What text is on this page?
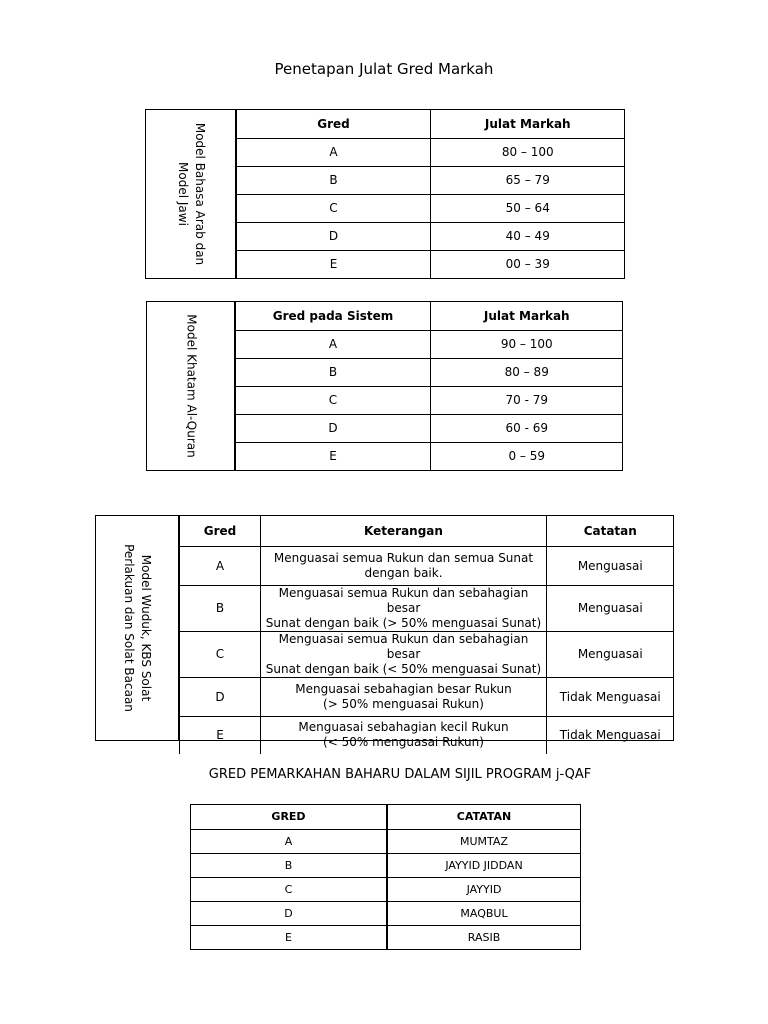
Penetapan Julat Gred Markah
Model Bahasa Arab dan
Model Jawi
Gred	Julat Markah
A	80 – 100
B	65 – 79
C	50 – 64
D	40 – 49
E	00 – 39
Model Khatam Al-Quran	Gred pada Sistem	Julat Markah
A	90 – 100
B	80 – 89
C	70 - 79
D	60 - 69
E	0 – 59
Model Wuduk, KBS Solat
Perlakuan dan Solat Bacaan
Gred	Keterangan	Catatan
A	Menguasai semua Rukun dan semua Sunat
dengan baik.	Menguasai
B	Menguasai semua Rukun dan sebahagian besar
Sunat dengan baik (> 50% menguasai Sunat)	Menguasai
C	Menguasai semua Rukun dan sebahagian besar
Sunat dengan baik (< 50% menguasai Sunat)	Menguasai
D	Menguasai sebahagian besar Rukun
(> 50% menguasai Rukun)	Tidak Menguasai
E	Menguasai sebahagian kecil Rukun
(< 50% menguasai Rukun)	Tidak Menguasai
GRED PEMARKAHAN BAHARU DALAM SIJIL PROGRAM j-QAF
GRED	CATATAN
A	MUMTAZ
B	JAYYID JIDDAN
C	JAYYID
D	MAQBUL
E	RASIB
